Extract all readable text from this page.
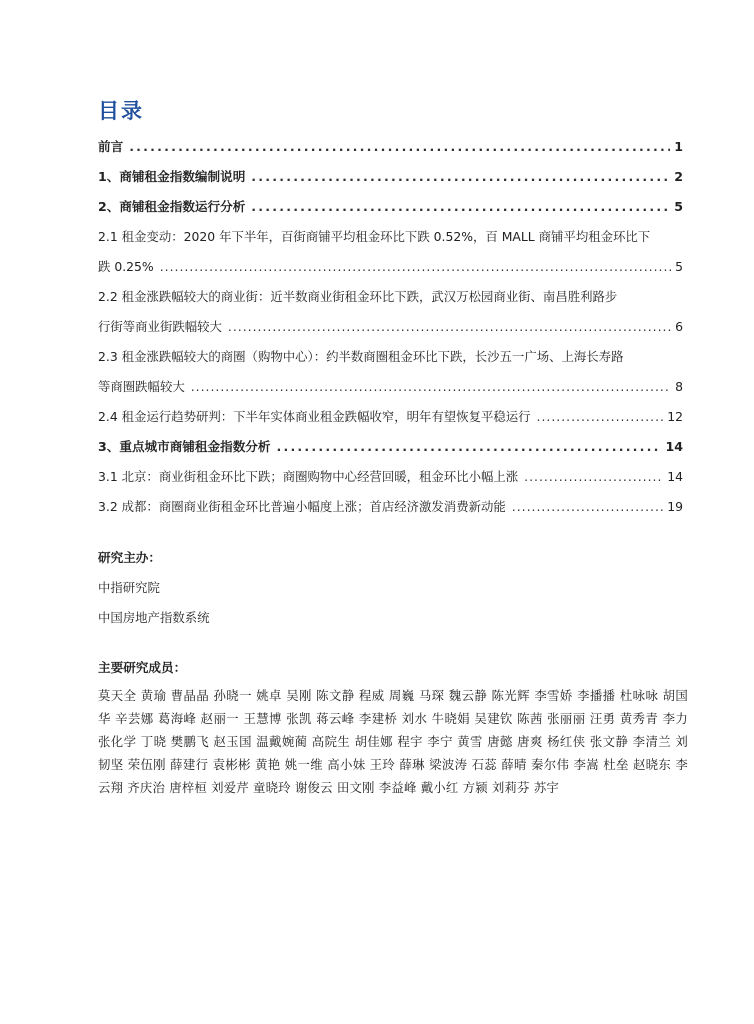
目录
前言 .....	1
1、商铺租金指数编制说明 .....	2
2、商铺租金指数运行分析 .....	5
2.1 租金变动：2020 年下半年，百街商铺平均租金环比下跌 0.52%，百 MALL 商铺平均租金环比下
跌 0.25% .....	5
2.2 租金涨跌幅较大的商业街：近半数商业街租金环比下跌，武汉万松园商业街、南昌胜利路步
行街等商业街跌幅较大 .....	6
2.3 租金涨跌幅较大的商圈（购物中心）：约半数商圈租金环比下跌，长沙五一广场、上海长寿路
等商圈跌幅较大 .....	8
2.4 租金运行趋势研判：下半年实体商业租金跌幅收窄，明年有望恢复平稳运行 .....	12
3、重点城市商铺租金指数分析 .....	14
3.1 北京：商业街租金环比下跌；商圈购物中心经营回暖，租金环比小幅上涨 .....	14
3.2 成都：商圈商业街租金环比普遍小幅度上涨；首店经济激发消费新动能 .....	19
研究主办：
中指研究院
中国房地产指数系统
主要研究成员：
莫天全 黄瑜 曹晶晶 孙晓一 姚卓 吴刚 陈文静 程威 周巍 马琛 魏云静 陈光辉 李雪娇 李播播 杜咏咏 胡国华 辛芸娜 葛海峰 赵丽一 王慧博 张凯 蒋云峰 李建桥 刘水 牛晓娟 吴建钦 陈茜 张丽丽 汪勇 黄秀青 李力 张化学 丁晓 樊鹏飞 赵玉国 温戴婉蔺 高院生 胡佳娜 程宇 李宁 黄雪 唐懿 唐爽 杨红侠 张文静 李清兰 刘韧坚 荣伍刚 薛建行 袁彬彬 黄艳 姚一维 高小妹 王玲 薛琳 梁波涛 石蕊 薛晴 秦尔伟 李嵩 杜垒 赵晓东 李云翔 齐庆治 唐梓桓 刘爱芹 童晓玲 谢俊云 田文刚 李益峰 戴小红 方颍 刘莉芬 苏宇
